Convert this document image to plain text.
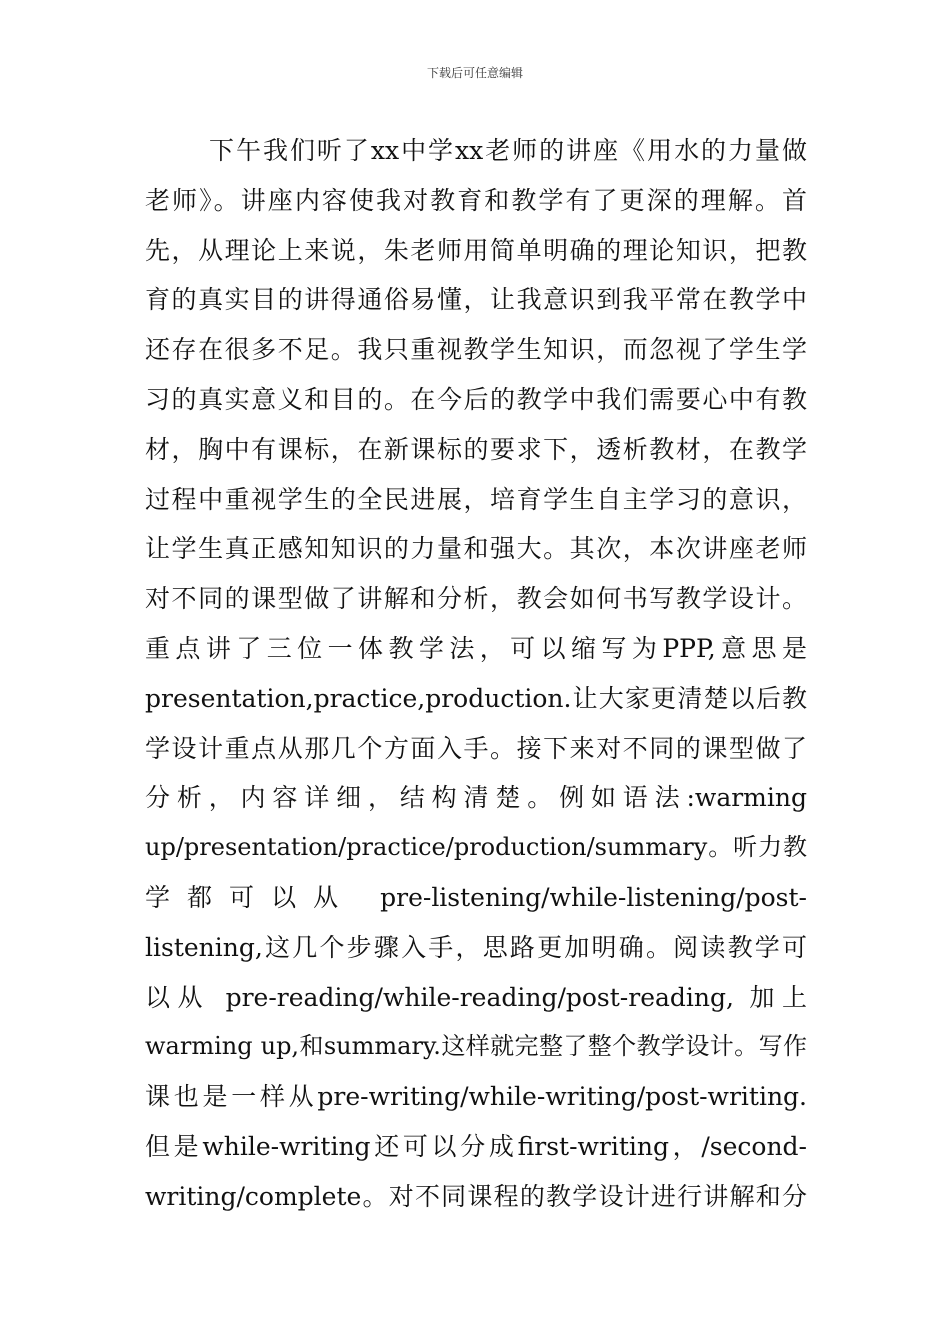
下载后可任意编辑
下午我们听了xx中学xx老师的讲座《用水的力量做
老师》。讲座内容使我对教育和教学有了更深的理解。首
先，从理论上来说，朱老师用简单明确的理论知识，把教
育的真实目的讲得通俗易懂，让我意识到我平常在教学中
还存在很多不足。我只重视教学生知识，而忽视了学生学
习的真实意义和目的。在今后的教学中我们需要心中有教
材，胸中有课标，在新课标的要求下，透析教材，在教学
过程中重视学生的全民进展，培育学生自主学习的意识，
让学生真正感知知识的力量和强大。其次，本次讲座老师
对不同的课型做了讲解和分析，教会如何书写教学设计。
重点讲了三位一体教学法，可以缩写为PPP,意思是
presentation,practice,production.让大家更清楚以后教
学设计重点从那几个方面入手。接下来对不同的课型做了
分析，内容详细，结构清楚。例如语法:warming
up/presentation/practice/production/summary。听力教
学都可以从 pre-listening/while-listening/post-
listening,这几个步骤入手，思路更加明确。阅读教学可
以从 pre-reading/while-reading/post-reading, 加上
warming up,和summary.这样就完整了整个教学设计。写作
课也是一样从pre-writing/while-writing/post-writing.
但是while-writing还可以分成first-writing，/second-
writing/complete。对不同课程的教学设计进行讲解和分
